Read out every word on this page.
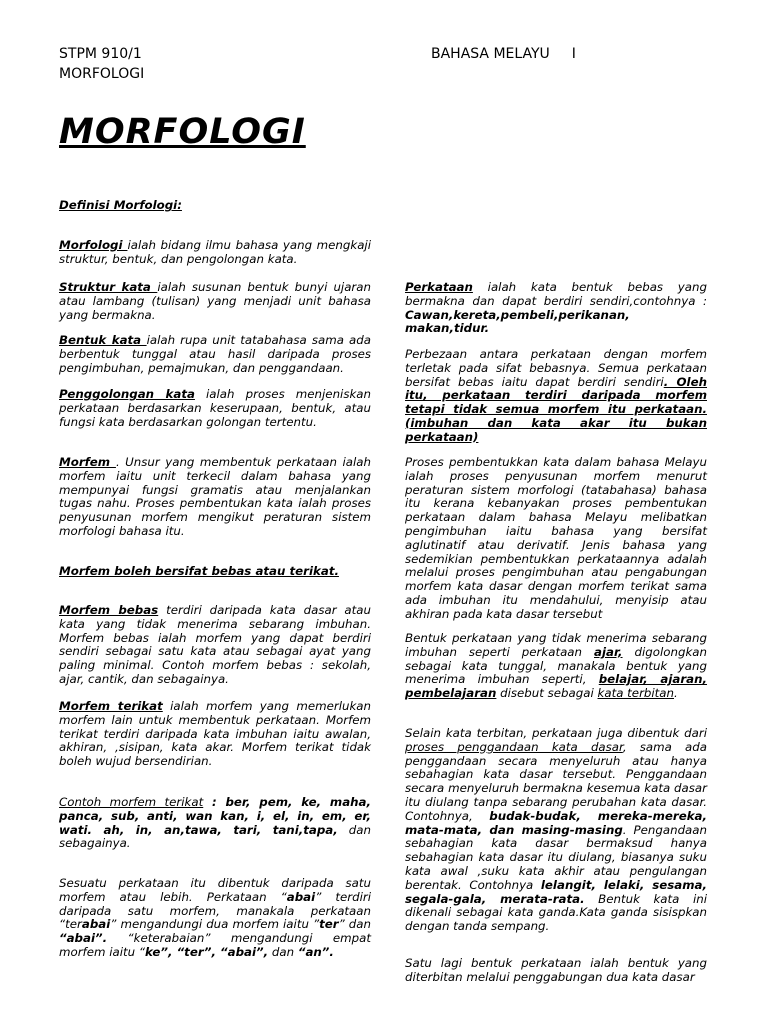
STPM 910/1
MORFOLOGI
BAHASA MELAYU I
MORFOLOGI

Definisi Morfologi:

Morfologi ialah bidang ilmu bahasa yang mengkaji struktur, bentuk, dan pengolongan kata.

Struktur kata ialah susunan bentuk bunyi ujaran atau lambang (tulisan) yang menjadi unit bahasa yang bermakna.

Bentuk kata ialah rupa unit tatabahasa sama ada berbentuk tunggal atau hasil daripada proses pengimbuhan, pemajmukan, dan penggandaan.

Penggolongan kata ialah proses menjeniskan perkataan berdasarkan keserupaan, bentuk, atau fungsi kata berdasarkan golongan tertentu.

Morfem . Unsur yang membentuk perkataan ialah morfem iaitu unit terkecil dalam bahasa yang mempunyai fungsi gramatis atau menjalankan tugas nahu. Proses pembentukan kata ialah proses penyusunan morfem mengikut peraturan sistem morfologi bahasa itu.

Morfem boleh bersifat bebas atau terikat.

Morfem bebas terdiri daripada kata dasar atau kata yang tidak menerima sebarang imbuhan. Morfem bebas ialah morfem yang dapat berdiri sendiri sebagai satu kata atau sebagai ayat yang paling minimal. Contoh morfem bebas : sekolah, ajar, cantik, dan sebagainya.

Morfem terikat ialah morfem yang memerlukan morfem lain untuk membentuk perkataan. Morfem terikat terdiri daripada kata imbuhan iaitu awalan, akhiran, ,sisipan, kata akar. Morfem terikat tidak boleh wujud bersendirian.

Contoh morfem terikat : ber, pem, ke, maha, panca, sub, anti, wan kan, i, el, in, em, er, wati. ah, in, an,tawa, tari, tani,tapa, dan sebagainya.

Sesuatu perkataan itu dibentuk daripada satu morfem atau lebih. Perkataan “abai” terdiri daripada satu morfem, manakala perkataan “terabai” mengandungi dua morfem iaitu ”ter” dan “abai”. “keterabaian” mengandungi empat morfem iaitu “ke”, “ter”, “abai”, dan “an”.

Perkataan ialah kata bentuk bebas yang bermakna dan dapat berdiri sendiri,contohnya : Cawan,kereta,pembeli,perikanan, makan,tidur.

Perbezaan antara perkataan dengan morfem terletak pada sifat bebasnya. Semua perkataan bersifat bebas iaitu dapat berdiri sendiri. Oleh itu, perkataan terdiri daripada morfem tetapi tidak semua morfem itu perkataan.(imbuhan dan kata akar itu bukan perkataan)

Proses pembentukkan kata dalam bahasa Melayu ialah proses penyusunan morfem menurut peraturan sistem morfologi (tatabahasa) bahasa itu kerana kebanyakan proses pembentukan perkataan dalam bahasa Melayu melibatkan pengimbuhan iaitu bahasa yang bersifat aglutinatif atau derivatif. Jenis bahasa yang sedemikian pembentukkan perkataannya adalah melalui proses pengimbuhan atau pengabungan morfem kata dasar dengan morfem terikat sama ada imbuhan itu mendahului, menyisip atau akhiran pada kata dasar tersebut

Bentuk perkataan yang tidak menerima sebarang imbuhan seperti perkataan ajar, digolongkan sebagai kata tunggal, manakala bentuk yang menerima imbuhan seperti, belajar, ajaran, pembelajaran disebut sebagai kata terbitan.

Selain kata terbitan, perkataan juga dibentuk dari proses penggandaan kata dasar, sama ada penggandaan secara menyeluruh atau hanya sebahagian kata dasar tersebut. Penggandaan secara menyeluruh bermakna kesemua kata dasar itu diulang tanpa sebarang perubahan kata dasar. Contohnya, budak-budak, mereka-mereka, mata-mata, dan masing-masing. Pengandaan sebahagian kata dasar bermaksud hanya sebahagian kata dasar itu diulang, biasanya suku kata awal ,suku kata akhir atau pengulangan berentak. Contohnya lelangit, lelaki, sesama, segala-gala, merata-rata. Bentuk kata ini dikenali sebagai kata ganda.Kata ganda sisispkan dengan tanda sempang.

Satu lagi bentuk perkataan ialah bentuk yang diterbitan melalui penggabungan dua kata dasar
